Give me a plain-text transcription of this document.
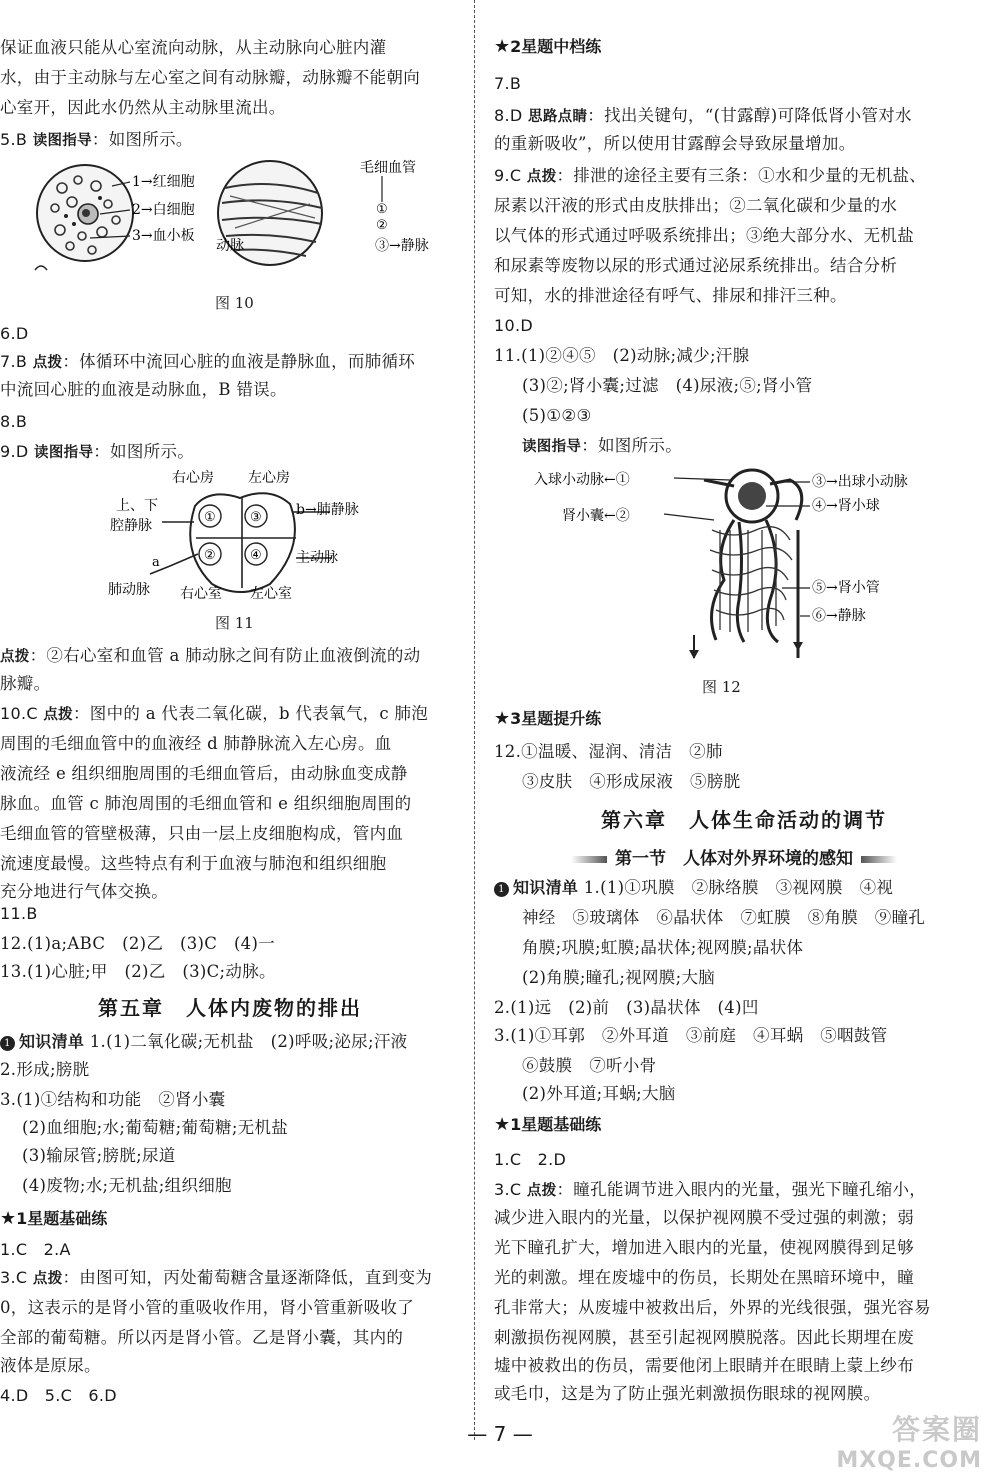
保证血液只能从心室流向动脉，从主动脉向心脏内灌
水，由于主动脉与左心室之间有动脉瓣，动脉瓣不能朝向
心室开，因此水仍然从主动脉里流出。
5.B 读图指导：如图所示。
1→红细胞
2→白细胞
3→血小板
毛细血管
①
②
动脉	③→静脉
图 10
6.D
7.B 点拨：体循环中流回心脏的血液是静脉血，而肺循环
中流回心脏的血液是动脉血，B 错误。
8.B
9.D 读图指导：如图所示。
①	③
②	④
右心房 左心房
上、下
腔静脉
b→肺静脉
主动脉
a
肺动脉 右心室 左心室
图 11
点拨：②右心室和血管 a 肺动脉之间有防止血液倒流的动
脉瓣。
10.C 点拨：图中的 a 代表二氧化碳，b 代表氧气，c 肺泡
周围的毛细血管中的血液经 d 肺静脉流入左心房。血
液流经 e 组织细胞周围的毛细血管后，由动脉血变成静
脉血。血管 c 肺泡周围的毛细血管和 e 组织细胞周围的
毛细血管的管壁极薄，只由一层上皮细胞构成，管内血
流速度最慢。这些特点有利于血液与肺泡和组织细胞
充分地进行气体交换。
11.B
12.(1)a;ABC　(2)乙　(3)C　(4)一
13.(1)心脏;甲　(2)乙　(3)C;动脉。
第五章　人体内废物的排出
1 知识清单 1.(1)二氧化碳;无机盐　(2)呼吸;泌尿;汗液
2.形成;膀胱
3.(1)①结构和功能　②肾小囊
(2)血细胞;水;葡萄糖;葡萄糖;无机盐
(3)输尿管;膀胱;尿道
(4)废物;水;无机盐;组织细胞
★1星题基础练
1.C　2.A
3.C 点拨：由图可知，丙处葡萄糖含量逐渐降低，直到变为
0，这表示的是肾小管的重吸收作用，肾小管重新吸收了
全部的葡萄糖。所以丙是肾小管。乙是肾小囊，其内的
液体是原尿。
4.D　5.C　6.D
★2星题中档练
7.B
8.D 思路点睛：找出关键句，“(甘露醇)可降低肾小管对水
的重新吸收”，所以使用甘露醇会导致尿量增加。
9.C 点拨：排泄的途径主要有三条：①水和少量的无机盐、
尿素以汗液的形式由皮肤排出；②二氧化碳和少量的水
以气体的形式通过呼吸系统排出；③绝大部分水、无机盐
和尿素等废物以尿的形式通过泌尿系统排出。结合分析
可知，水的排泄途径有呼气、排尿和排汗三种。
10.D
11.(1)②④⑤　(2)动脉;减少;汗腺
(3)②;肾小囊;过滤　(4)尿液;⑤;肾小管
(5)①②③
读图指导：如图所示。
入球小动脉←①
肾小囊←②
③→出球小动脉
④→肾小球
⑤→肾小管
⑥→静脉
图 12
★3星题提升练
12.①温暖、湿润、清洁　②肺
③皮肤　④形成尿液　⑤膀胱
第六章　人体生命活动的调节
第一节　人体对外界环境的感知
1 知识清单 1.(1)①巩膜　②脉络膜　③视网膜　④视
神经　⑤玻璃体　⑥晶状体　⑦虹膜　⑧角膜　⑨瞳孔
角膜;巩膜;虹膜;晶状体;视网膜;晶状体
(2)角膜;瞳孔;视网膜;大脑
2.(1)远　(2)前　(3)晶状体　(4)凹
3.(1)①耳郭　②外耳道　③前庭　④耳蜗　⑤咽鼓管
⑥鼓膜　⑦听小骨
(2)外耳道;耳蜗;大脑
★1星题基础练
1.C　2.D
3.C 点拨：瞳孔能调节进入眼内的光量，强光下瞳孔缩小，
减少进入眼内的光量，以保护视网膜不受过强的刺激；弱
光下瞳孔扩大，增加进入眼内的光量，使视网膜得到足够
光的刺激。埋在废墟中的伤员，长期处在黑暗环境中，瞳
孔非常大；从废墟中被救出后，外界的光线很强，强光容易
刺激损伤视网膜，甚至引起视网膜脱落。因此长期埋在废
墟中被救出的伤员，需要他闭上眼睛并在眼睛上蒙上纱布
或毛巾，这是为了防止强光刺激损伤眼球的视网膜。
— 7 —	答案圈
MXQE.COM
